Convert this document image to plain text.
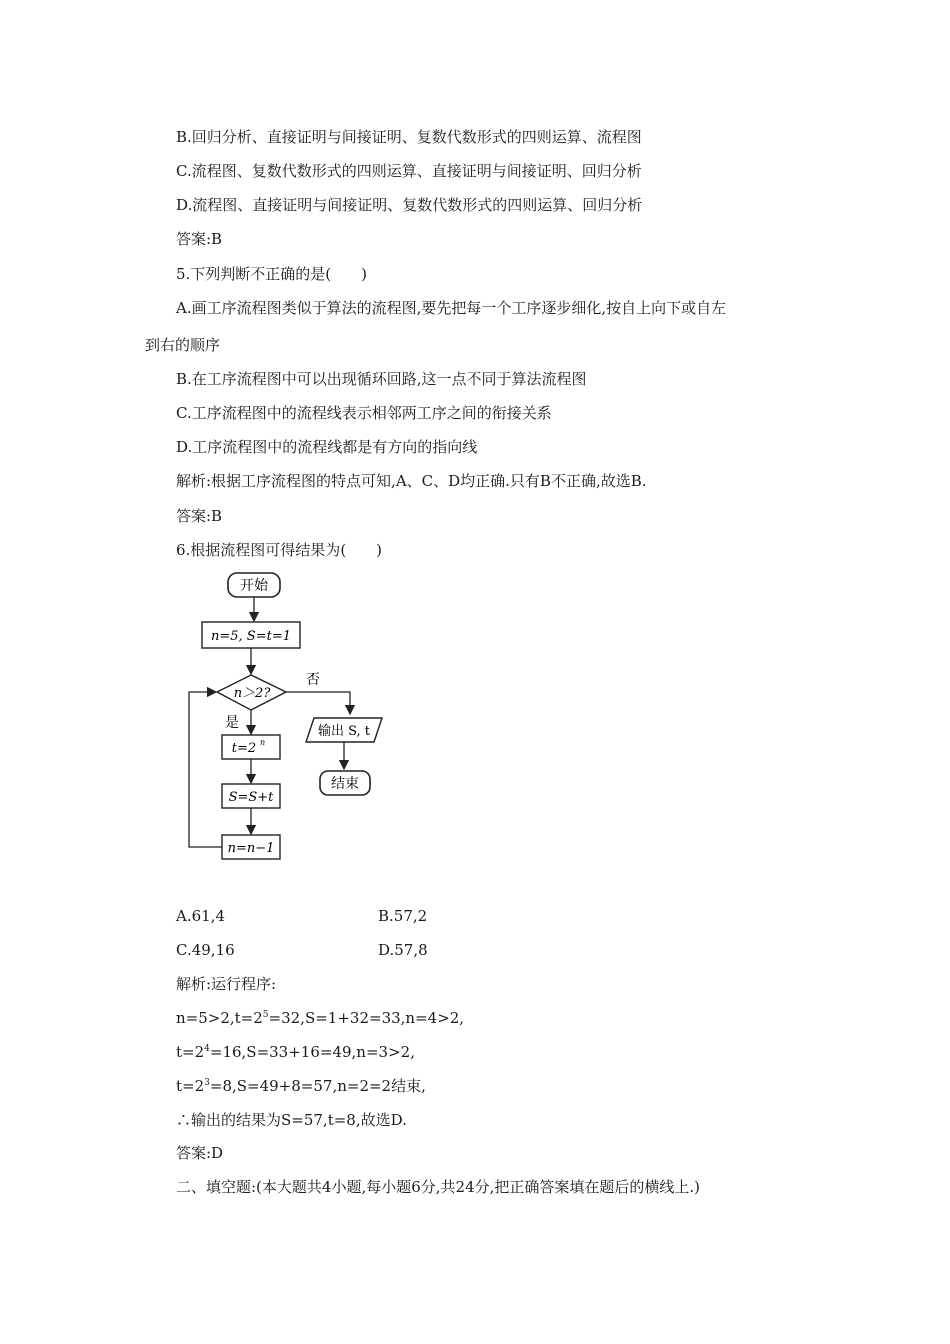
B.回归分析、直接证明与间接证明、复数代数形式的四则运算、流程图
C.流程图、复数代数形式的四则运算、直接证明与间接证明、回归分析
D.流程图、直接证明与间接证明、复数代数形式的四则运算、回归分析
答案:B
5.下列判断不正确的是(　　)
A.画工序流程图类似于算法的流程图,要先把每一个工序逐步细化,按自上向下或自左
到右的顺序
B.在工序流程图中可以出现循环回路,这一点不同于算法流程图
C.工序流程图中的流程线表示相邻两工序之间的衔接关系
D.工序流程图中的流程线都是有方向的指向线
解析:根据工序流程图的特点可知,A、C、D均正确.只有B不正确,故选B.
答案:B
6.根据流程图可得结果为(　　)
开始
n=5, S=t=1
n＞2?
否
输出 S, t
结束
是
t=2 n
S=S+t
n=n−1
A.61,4	B.57,2
C.49,16	D.57,8
解析:运行程序:
$n=5>2,t=2^5=32,S=1+32=33,n=4>2$,
$t=2^4=16,S=33+16=49,n=3>2$,
$t=2^3=8,S=49+8=57,n=2=2$结束,
∴输出的结果为S=57,t=8,故选D.
答案:D
二、填空题:(本大题共4小题,每小题6分,共24分,把正确答案填在题后的横线上.)
